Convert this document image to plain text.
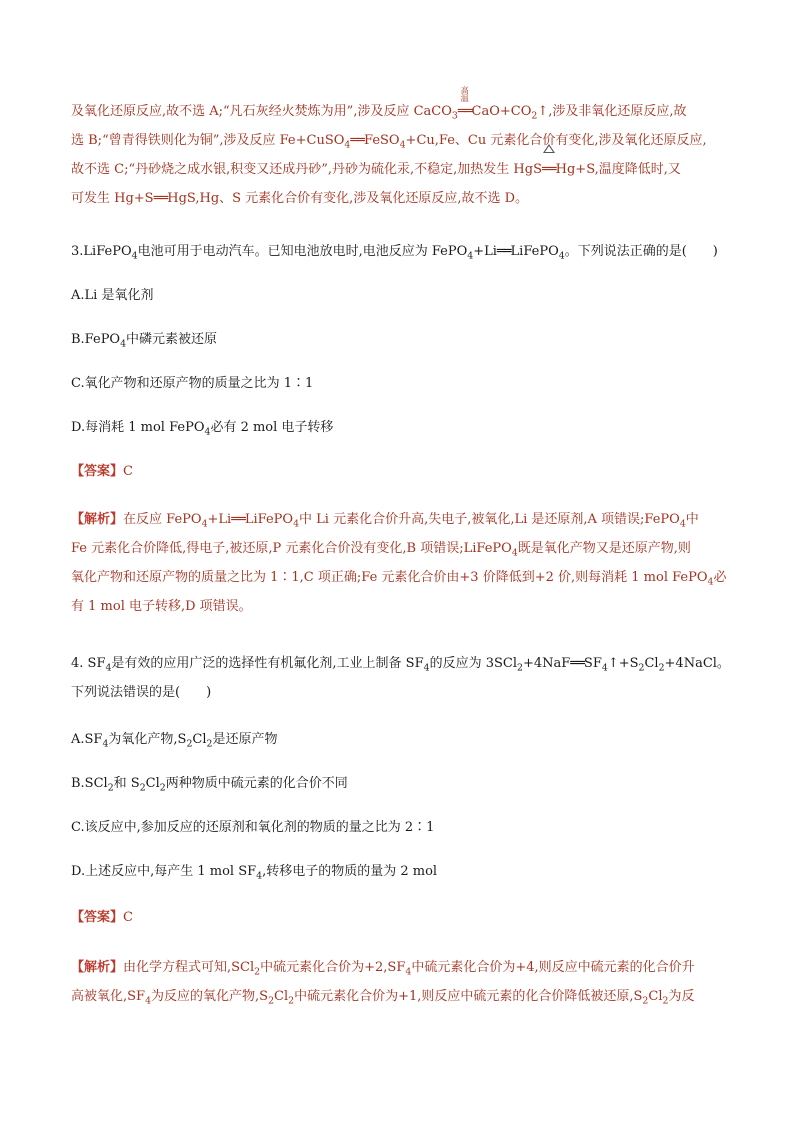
及氧化还原反应,故不选 A;“凡石灰经火焚炼为用”,涉及反应 CaCO$_3$
高温
$══CaO+CO_2↑$,涉及非氧化还原反应,故
选 B;“曾青得铁则化为铜”,涉及反应 Fe+CuSO$_4$══FeSO$_4$+Cu,Fe、Cu 元素化合价有变化,涉及氧化还原反应,
故不选 C;“丹砂烧之成水银,积变又还成丹砂”,丹砂为硫化汞,不稳定,加热发生 HgS
══Hg+S,温度降低时,又
可发生 Hg+S══HgS,Hg、S 元素化合价有变化,涉及氧化还原反应,故不选 D。

3.LiFePO$_4$电池可用于电动汽车。已知电池放电时,电池反应为 FePO$_4$+Li══LiFePO$_4$。下列说法正确的是(　　)

A.Li 是氧化剂

B.FePO$_4$中磷元素被还原

C.氧化产物和还原产物的质量之比为 1∶1

D.每消耗 1 mol FePO$_4$必有 2 mol 电子转移

【答案】C

【解析】在反应 FePO$_4$+Li══LiFePO$_4$中 Li 元素化合价升高,失电子,被氧化,Li 是还原剂,A 项错误;FePO$_4$中
Fe 元素化合价降低,得电子,被还原,P 元素化合价没有变化,B 项错误;LiFePO$_4$既是氧化产物又是还原产物,则
氧化产物和还原产物的质量之比为 1∶1,C 项正确;Fe 元素化合价由+3 价降低到+2 价,则每消耗 1 mol FePO$_4$必
有 1 mol 电子转移,D 项错误。

4. $SF_4$是有效的应用广泛的选择性有机氟化剂,工业上制备 $SF_4$的反应为 $3SCl_2+4NaF══SF_4↑+S_2Cl_2+4NaCl$。
下列说法错误的是(　　)

$A.SF_4$为氧化产物$,S_2Cl_2$是还原产物

B.SCl$_2$和 $S_2Cl_2$两种物质中硫元素的化合价不同

C.该反应中,参加反应的还原剂和氧化剂的物质的量之比为 2∶1

D.上述反应中,每产生 1 mol $SF_4$,转移电子的物质的量为 2 mol

【答案】C

【解析】由化学方程式可知,SCl$_2$中硫元素化合价为$+2,SF_4$中硫元素化合价为+4,则反应中硫元素的化合价升
高被氧化$,SF_4$为反应的氧化产物$,S_2Cl_2$中硫元素化合价为+1,则反应中硫元素的化合价降低被还原$,S_2Cl_2$为反
